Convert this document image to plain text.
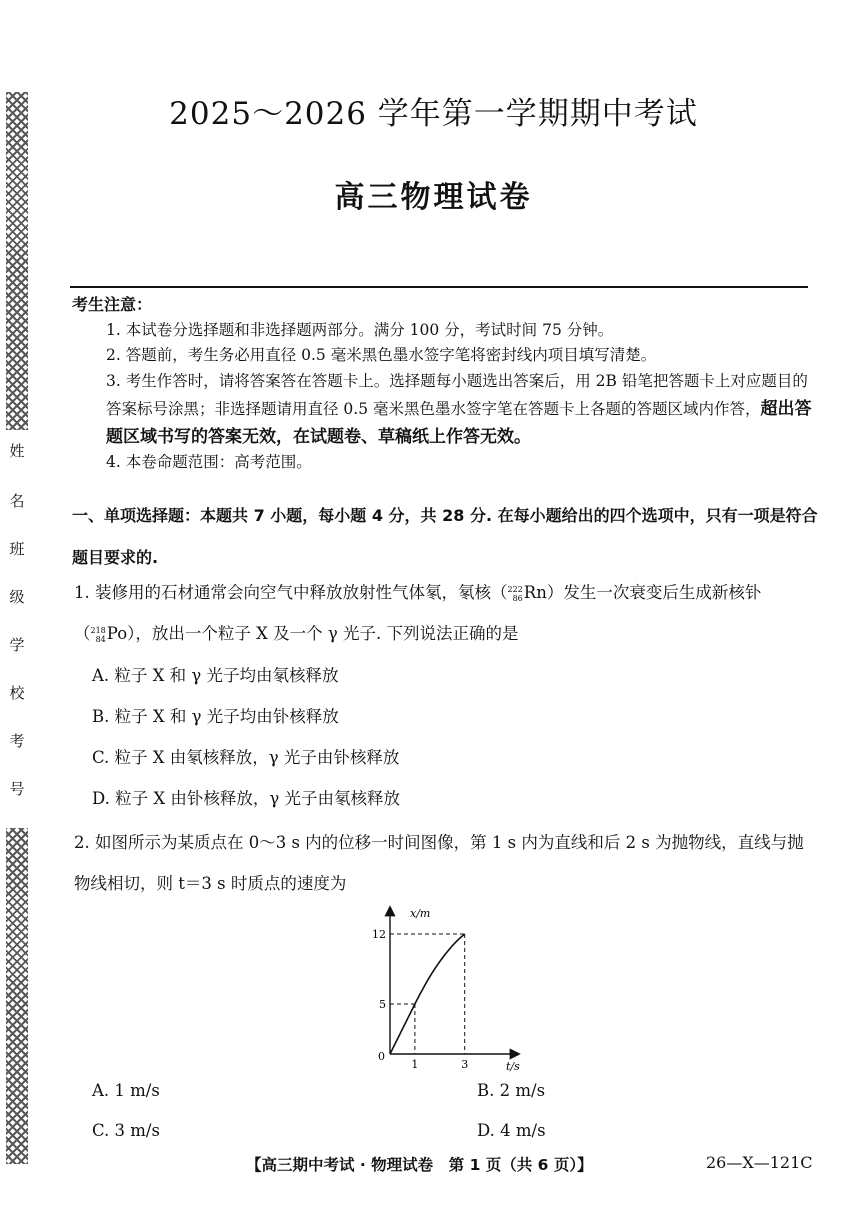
姓
名
班
级
学
校
考
号
2025～2026 学年第一学期期中考试
高三物理试卷
考生注意：
1. 本试卷分选择题和非选择题两部分。满分 100 分，考试时间 75 分钟。
2. 答题前，考生务必用直径 0.5 毫米黑色墨水签字笔将密封线内项目填写清楚。
3. 考生作答时，请将答案答在答题卡上。选择题每小题选出答案后，用 2B 铅笔把答题卡上对应题目的答案标号涂黑；非选择题请用直径 0.5 毫米黑色墨水签字笔在答题卡上各题的答题区域内作答，超出答题区域书写的答案无效，在试题卷、草稿纸上作答无效。
4. 本卷命题范围：高考范围。
一、单项选择题：本题共 7 小题，每小题 4 分，共 28 分. 在每小题给出的四个选项中，只有一项是符合题目要求的.
1. 装修用的石材通常会向空气中释放放射性气体氡，氡核（ 222
86 Rn）发生一次衰变后生成新核钋
（ 218
84 Po），放出一个粒子 X 及一个 γ 光子. 下列说法正确的是
A. 粒子 X 和 γ 光子均由氡核释放
B. 粒子 X 和 γ 光子均由钋核释放
C. 粒子 X 由氡核释放，γ 光子由钋核释放
D. 粒子 X 由钋核释放，γ 光子由氡核释放
2. 如图所示为某质点在 0～3 s 内的位移一时间图像，第 1 s 内为直线和后 2 s 为抛物线，直线与抛物线相切，则 t＝3 s 时质点的速度为
x/m
t/s
0
1	3
5
12
A. 1 m/s	B. 2 m/s
C. 3 m/s	D. 4 m/s
【高三期中考试 · 物理试卷　第 1 页（共 6 页）】	26—X—121C
